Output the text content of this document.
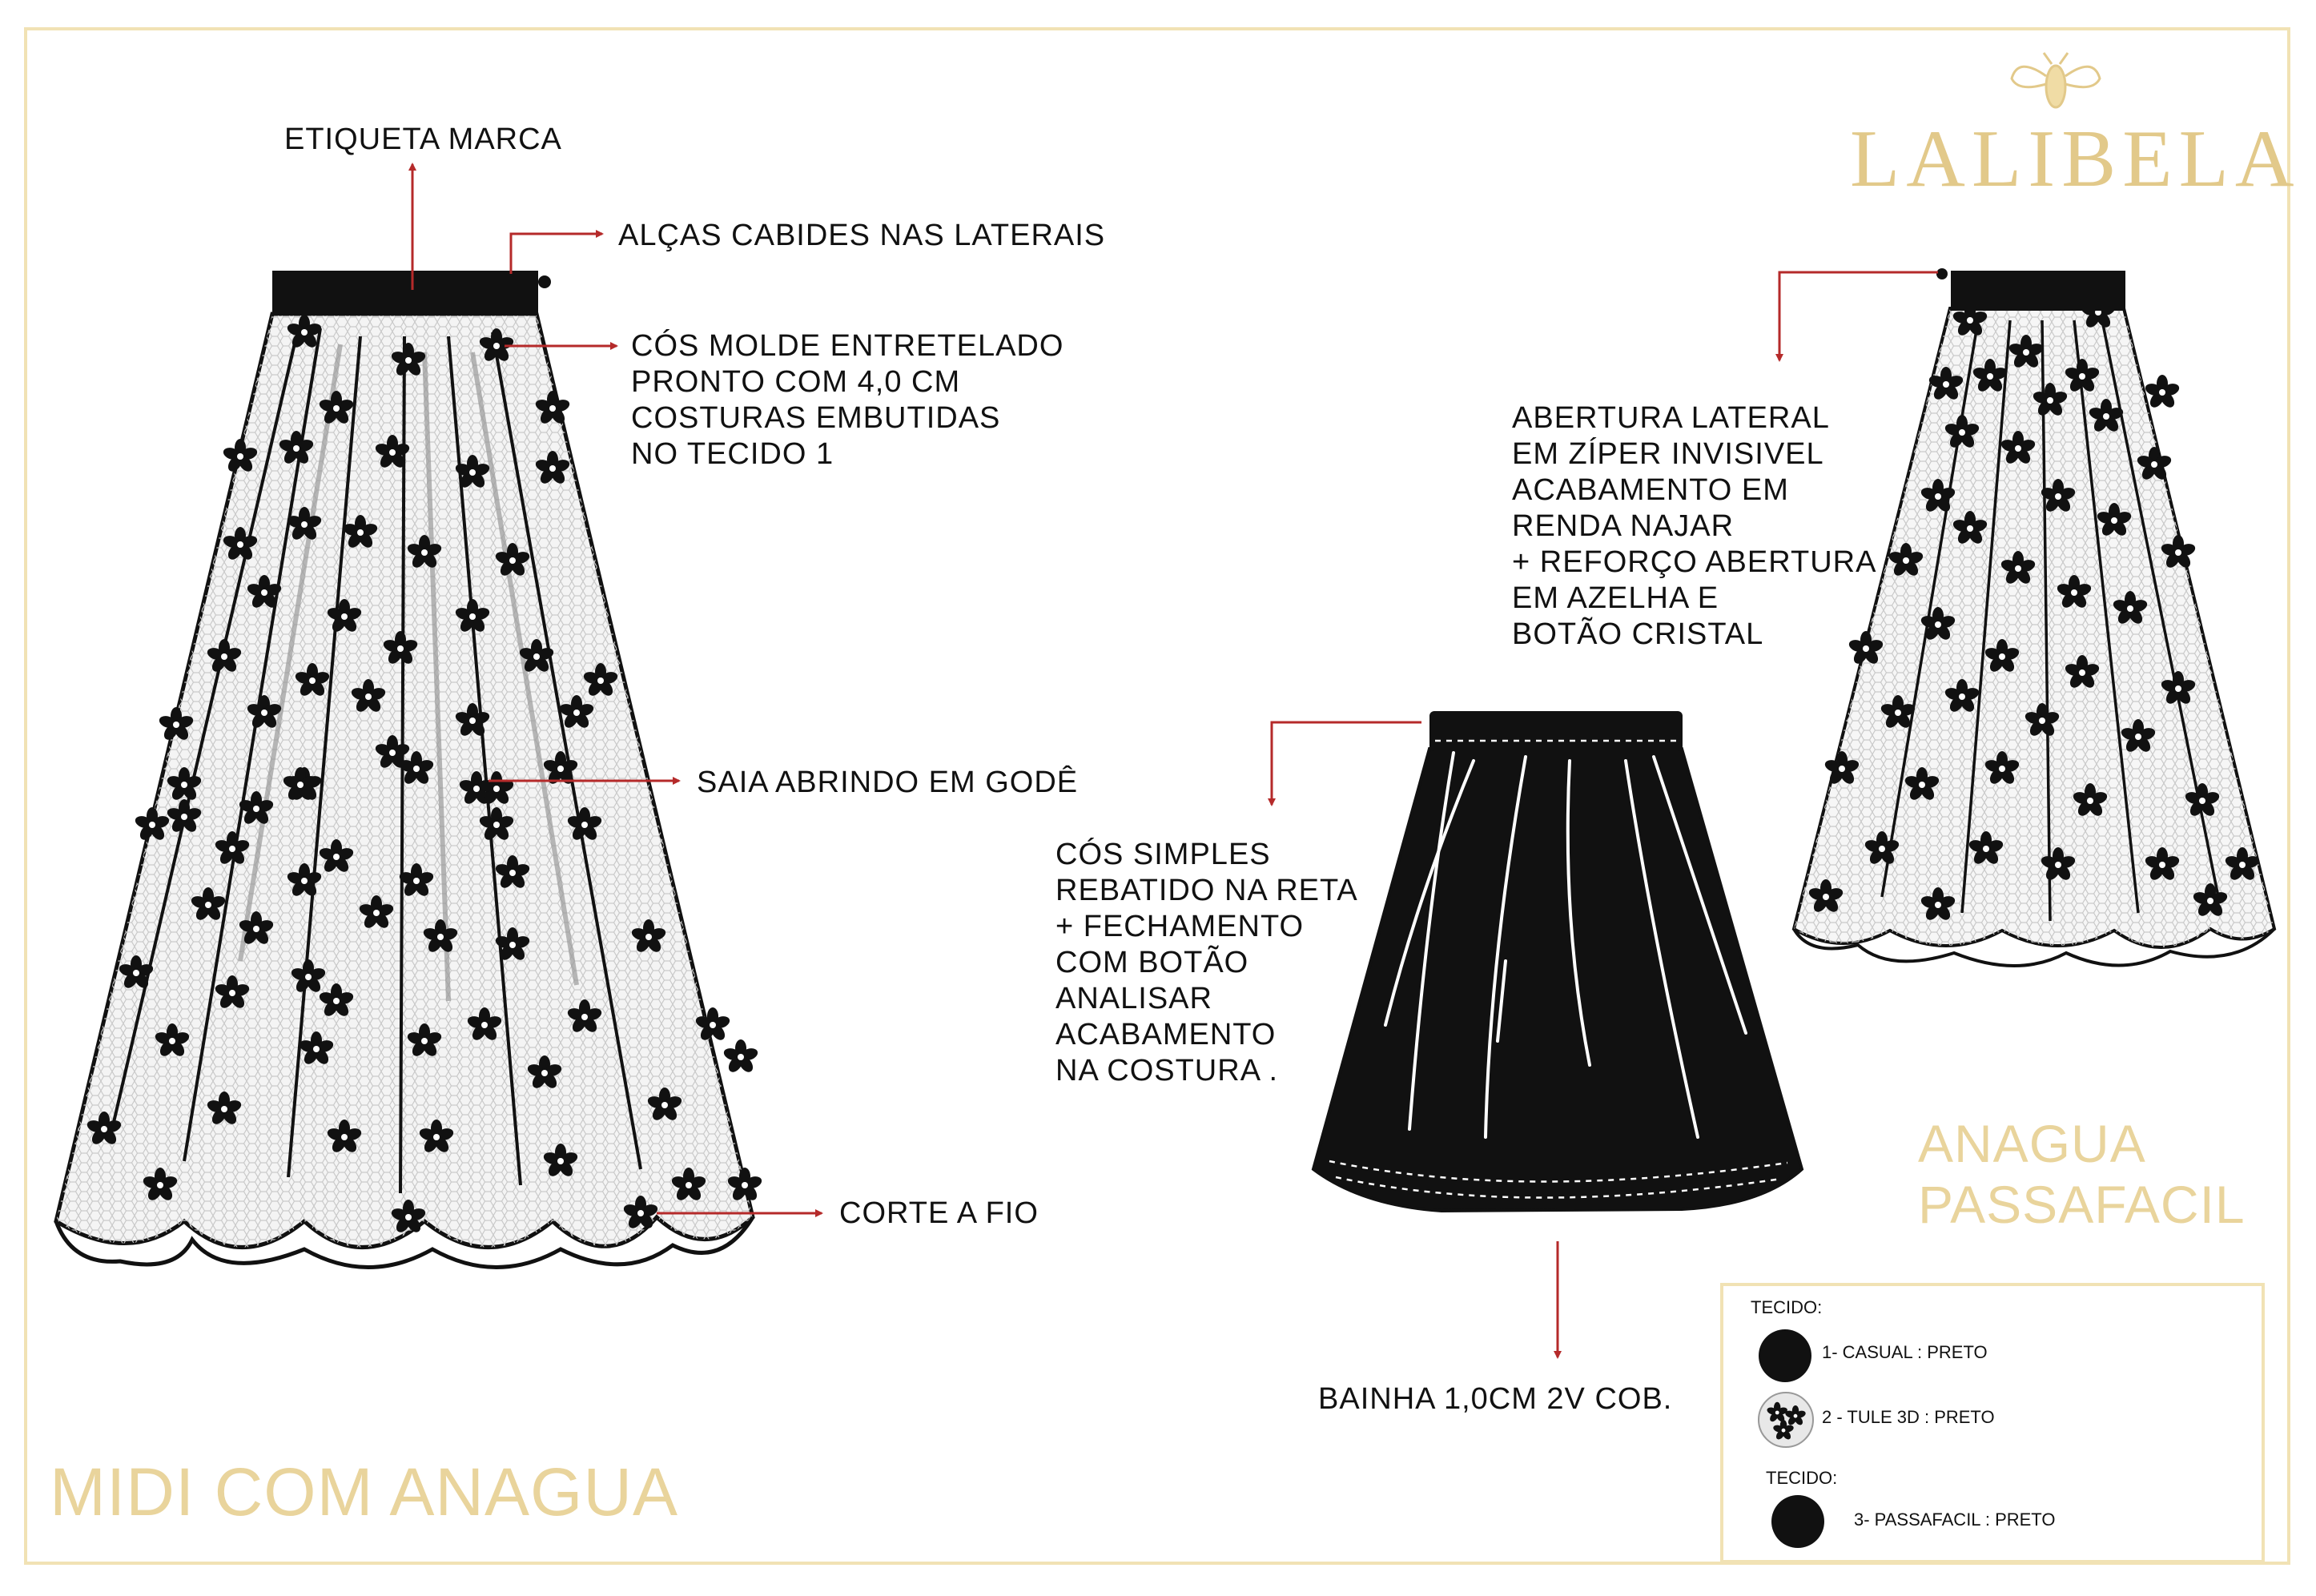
LALIBELA
MIDI COM ANAGUA
ANAGUA
PASSAFACIL
ETIQUETA MARCA
ALÇAS CABIDES NAS LATERAIS
CÓS MOLDE ENTRETELADO
PRONTO COM 4,0 CM
COSTURAS EMBUTIDAS
NO TECIDO 1
SAIA ABRINDO EM GODÊ
CORTE A FIO
ABERTURA LATERAL
EM ZÍPER INVISIVEL
ACABAMENTO EM
RENDA NAJAR
+ REFORÇO ABERTURA
EM AZELHA E
BOTÃO CRISTAL
CÓS SIMPLES
REBATIDO NA RETA
+ FECHAMENTO
COM BOTÃO
ANALISAR
ACABAMENTO
NA COSTURA .
BAINHA 1,0CM 2V COB.
TECIDO:
1- CASUAL : PRETO
2 - TULE 3D : PRETO
TECIDO:
3- PASSAFACIL : PRETO
